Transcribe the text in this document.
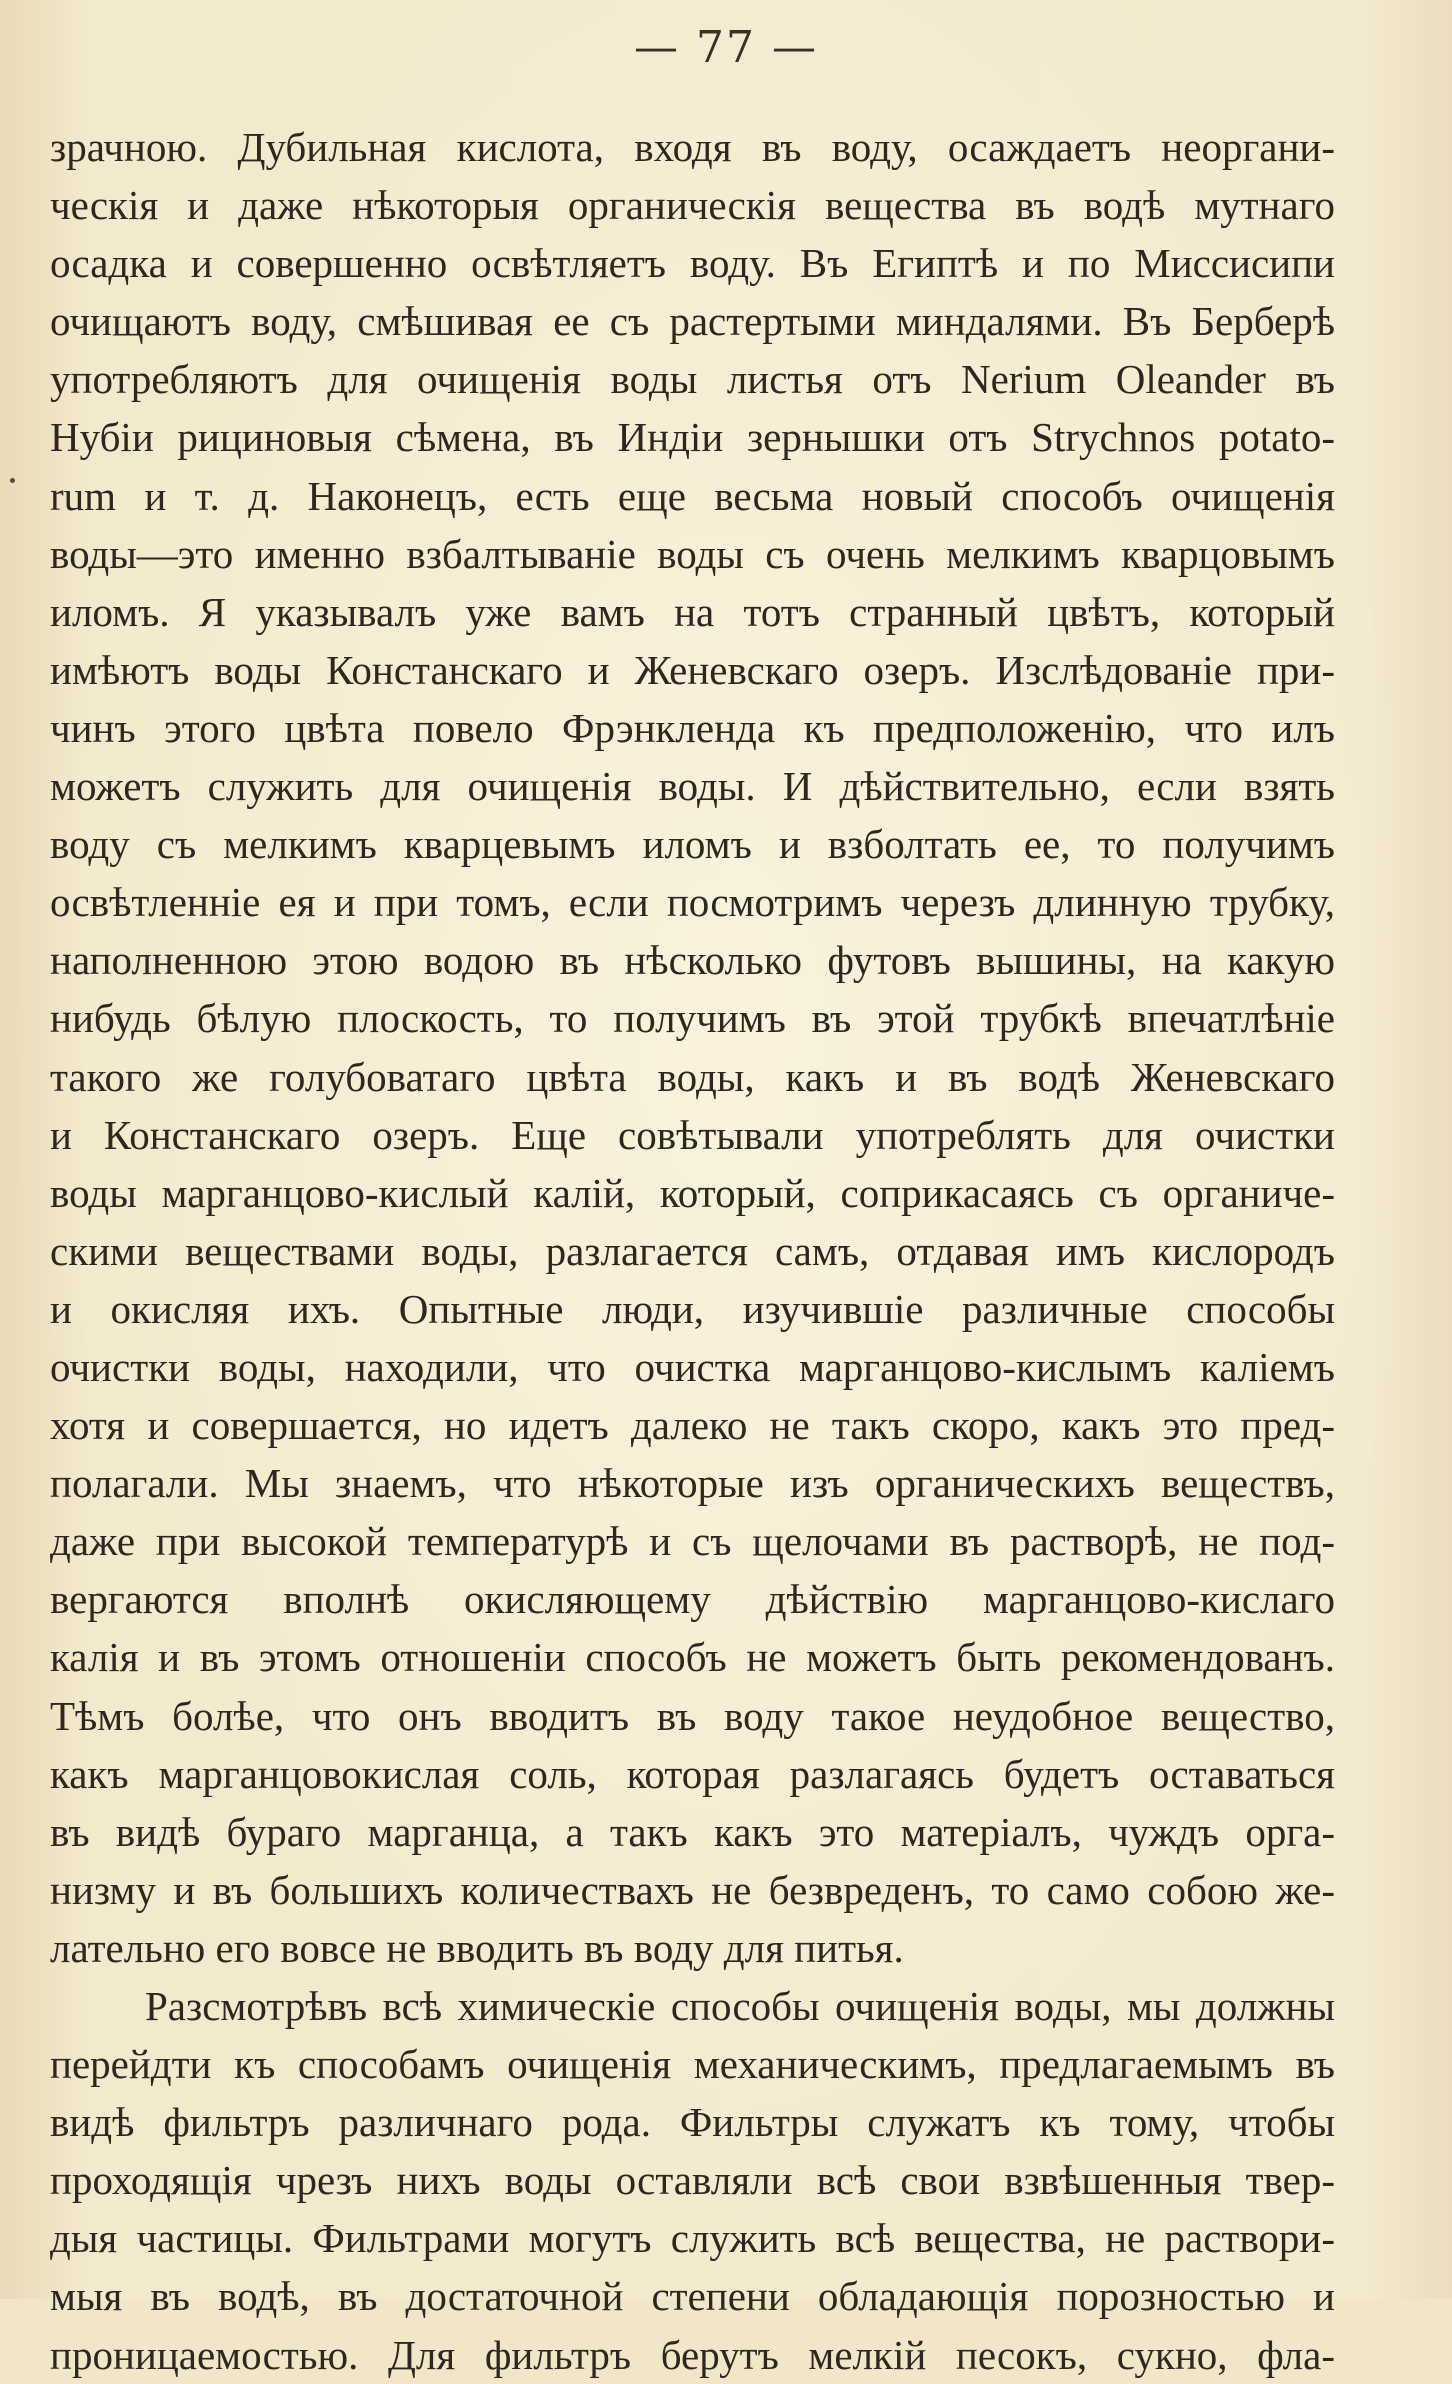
— 77 —
зрачною. Дубильная кислота, входя въ воду, осаждаетъ неоргани-
ческія и даже нѣкоторыя органическія вещества въ водѣ мутнаго
осадка и совершенно освѣтляетъ воду. Въ Египтѣ и по Миссисипи
очищаютъ воду, смѣшивая ее съ растертыми миндалями. Въ Берберѣ
употребляютъ для очищенія воды листья отъ Nerium Oleander въ
Нубіи рициновыя сѣмена, въ Индіи зернышки отъ Strychnos potato-
rum и т. д. Наконецъ, есть еще весьма новый способъ очищенія
воды—это именно взбалтываніе воды съ очень мелкимъ кварцовымъ
иломъ. Я указывалъ уже вамъ на тотъ странный цвѣтъ, который
имѣютъ воды Констанскаго и Женевскаго озеръ. Изслѣдованіе при-
чинъ этого цвѣта повело Фрэнкленда къ предположенію, что илъ
можетъ служить для очищенія воды. И дѣйствительно, если взять
воду съ мелкимъ кварцевымъ иломъ и взболтать ее, то получимъ
освѣтленніе ея и при томъ, если посмотримъ черезъ длинную трубку,
наполненною этою водою въ нѣсколько футовъ вышины, на какую
нибудь бѣлую плоскость, то получимъ въ этой трубкѣ впечатлѣніе
такого же голубоватаго цвѣта воды, какъ и въ водѣ Женевскаго
и Констанскаго озеръ. Еще совѣтывали употреблять для очистки
воды марганцово-кислый калій, который, соприкасаясь съ органиче-
скими веществами воды, разлагается самъ, отдавая имъ кислородъ
и окисляя ихъ. Опытные люди, изучившіе различные способы
очистки воды, находили, что очистка марганцово-кислымъ каліемъ
хотя и совершается, но идетъ далеко не такъ скоро, какъ это пред-
полагали. Мы знаемъ, что нѣкоторые изъ органическихъ веществъ,
даже при высокой температурѣ и съ щелочами въ растворѣ, не под-
вергаются вполнѣ окисляющему дѣйствію марганцово-кислаго
калія и въ этомъ отношеніи способъ не можетъ быть рекомендованъ.
Тѣмъ болѣе, что онъ вводитъ въ воду такое неудобное вещество,
какъ марганцовокислая соль, которая разлагаясь будетъ оставаться
въ видѣ бураго марганца, а такъ какъ это матеріалъ, чуждъ орга-
низму и въ большихъ количествахъ не безвреденъ, то само собою же-
лательно его вовсе не вводить въ воду для питья.
Разсмотрѣвъ всѣ химическіе способы очищенія воды, мы должны
перейдти къ способамъ очищенія механическимъ, предлагаемымъ въ
видѣ фильтръ различнаго рода. Фильтры служатъ къ тому, чтобы
проходящія чрезъ нихъ воды оставляли всѣ свои взвѣшенныя твер-
дыя частицы. Фильтрами могутъ служить всѣ вещества, не раствори-
мыя въ водѣ, въ достаточной степени обладающія порозностью и
проницаемостью. Для фильтръ берутъ мелкій песокъ, сукно, фла-
